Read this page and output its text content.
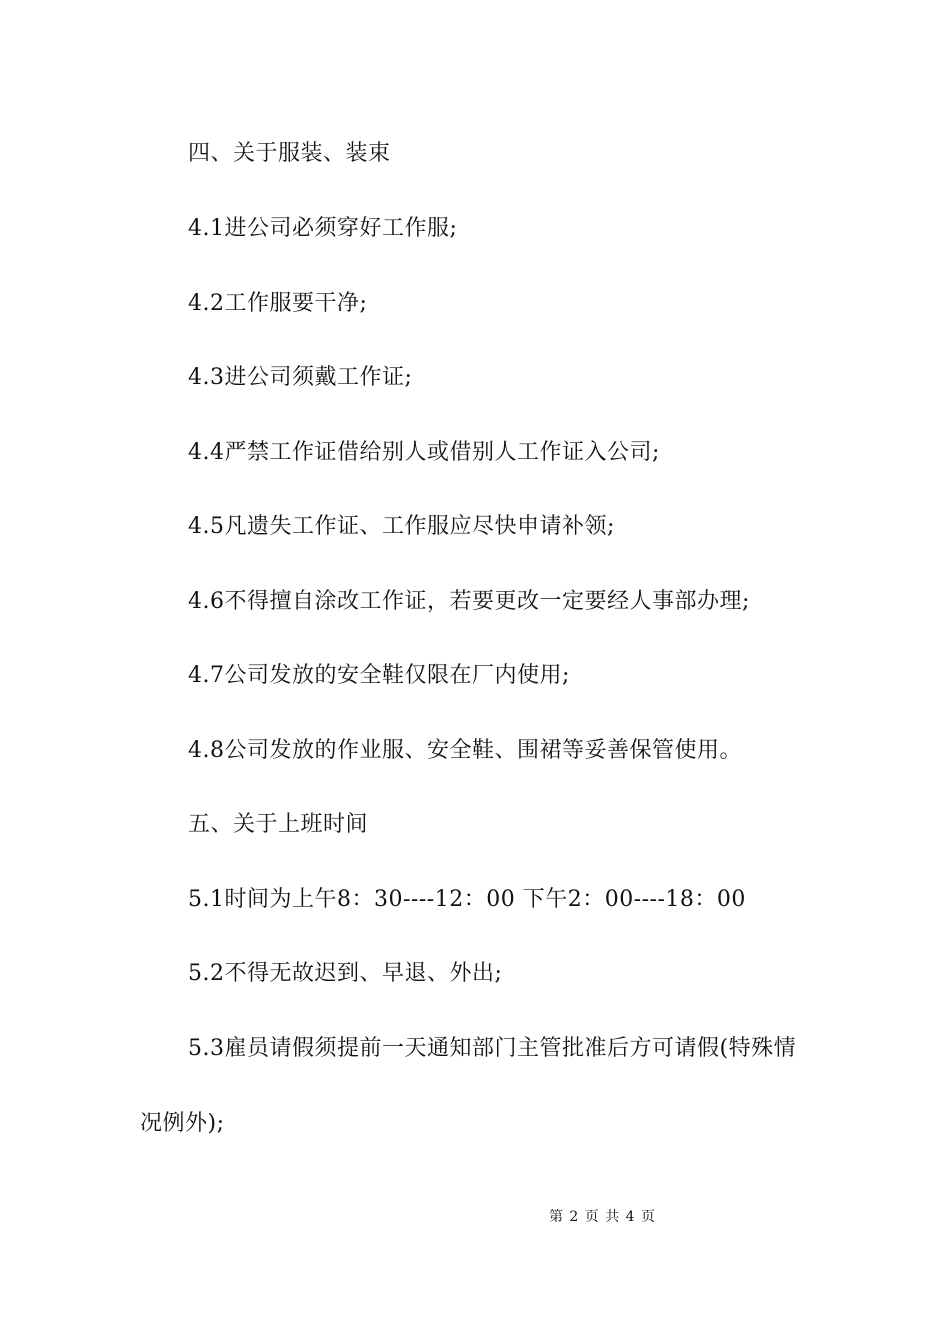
四、关于服装、装束
4.1进公司必须穿好工作服;
4.2工作服要干净;
4.3进公司须戴工作证;
4.4严禁工作证借给别人或借别人工作证入公司;
4.5凡遗失工作证、工作服应尽快申请补领;
4.6不得擅自涂改工作证，若要更改一定要经人事部办理;
4.7公司发放的安全鞋仅限在厂内使用;
4.8公司发放的作业服、安全鞋、围裙等妥善保管使用。
五、关于上班时间
5.1时间为上午8：30----12：00 下午2：00----18：00
5.2不得无故迟到、早退、外出;
5.3雇员请假须提前一天通知部门主管批准后方可请假(特殊情
况例外);
第 2 页 共 4 页
